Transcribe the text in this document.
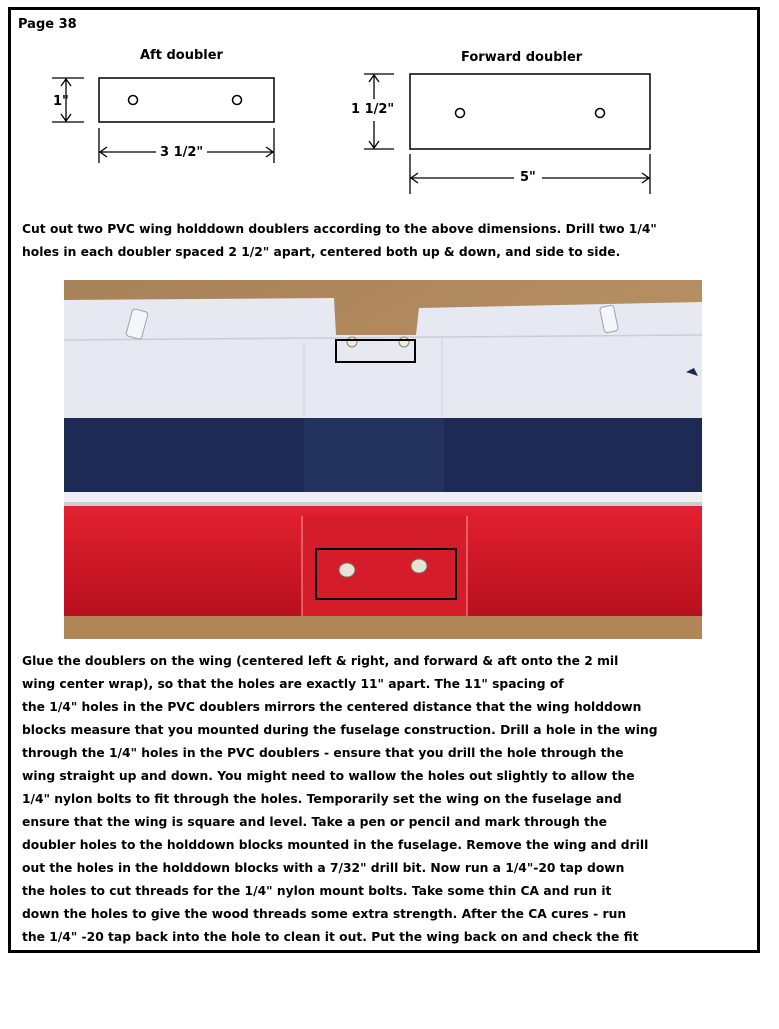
Page 38
Aft doubler
1"
3 1/2"
Forward doubler
1 1/2"
5"
Cut out two PVC wing holddown doublers according to the above dimensions. Drill two 1/4"
holes in each doubler spaced 2 1/2" apart, centered both up & down, and side to side.
Glue the doublers on the wing (centered left & right, and forward & aft onto the 2 mil
wing center wrap), so that the holes are exactly 11" apart. The 11" spacing of
the 1/4" holes in the PVC doublers mirrors the centered distance that the wing holddown
blocks measure that you mounted during the fuselage construction. Drill a hole in the wing
through the 1/4" holes in the PVC doublers - ensure that you drill the hole through the
wing straight up and down. You might need to wallow the holes out slightly to allow the
1/4" nylon bolts to fit through the holes. Temporarily set the wing on the fuselage and
ensure that the wing is square and level. Take a pen or pencil and mark through the
doubler holes to the holddown blocks mounted in the fuselage. Remove the wing and drill
out the holes in the holddown blocks with a 7/32" drill bit. Now run a 1/4"-20 tap down
the holes to cut threads for the 1/4" nylon mount bolts. Take some thin CA and run it
down the holes to give the wood threads some extra strength. After the CA cures - run
the 1/4" -20 tap back into the hole to clean it out. Put the wing back on and check the fit
